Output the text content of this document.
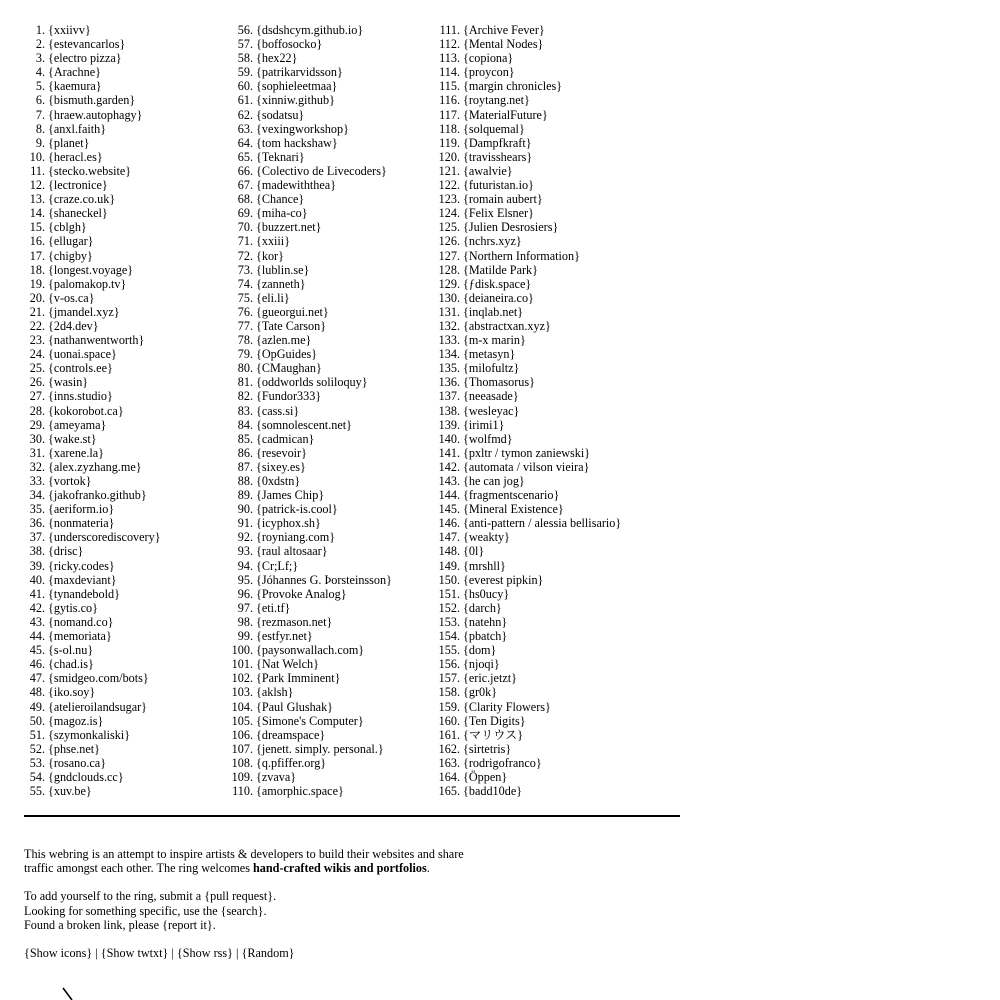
1. {xxiivv}
2. {estevancarlos}
3. {electro pizza}
4. {Arachne}
5. {kaemura}
6. {bismuth.garden}
7. {hraew.autophagy}
8. {anxl.faith}
9. {planet}
10. {heracl.es}
11. {stecko.website}
12. {lectronice}
13. {craze.co.uk}
14. {shaneckel}
15. {cblgh}
16. {ellugar}
17. {chigby}
18. {longest.voyage}
19. {palomakop.tv}
20. {v-os.ca}
21. {jmandel.xyz}
22. {2d4.dev}
23. {nathanwentworth}
24. {uonai.space}
25. {controls.ee}
26. {wasin}
27. {inns.studio}
28. {kokorobot.ca}
29. {ameyama}
30. {wake.st}
31. {xarene.la}
32. {alex.zyzhang.me}
33. {vortok}
34. {jakofranko.github}
35. {aeriform.io}
36. {nonmateria}
37. {underscorediscovery}
38. {drisc}
39. {ricky.codes}
40. {maxdeviant}
41. {tynandebold}
42. {gytis.co}
43. {nomand.co}
44. {memoriata}
45. {s-ol.nu}
46. {chad.is}
47. {smidgeo.com/bots}
48. {iko.soy}
49. {atelieroilandsugar}
50. {magoz.is}
51. {szymonkaliski}
52. {phse.net}
53. {rosano.ca}
54. {gndclouds.cc}
55. {xuv.be}
56. {dsdshcym.github.io}
57. {boffosocko}
58. {hex22}
59. {patrikarvidsson}
60. {sophieleetmaa}
61. {xinniw.github}
62. {sodatsu}
63. {vexingworkshop}
64. {tom hackshaw}
65. {Teknari}
66. {Colectivo de Livecoders}
67. {madewiththea}
68. {Chance}
69. {miha-co}
70. {buzzert.net}
71. {xxiii}
72. {kor}
73. {lublin.se}
74. {zanneth}
75. {eli.li}
76. {gueorgui.net}
77. {Tate Carson}
78. {azlen.me}
79. {OpGuides}
80. {CMaughan}
81. {oddworlds soliloquy}
82. {Fundor333}
83. {cass.si}
84. {somnolescent.net}
85. {cadmican}
86. {resevoir}
87. {sixey.es}
88. {0xdstn}
89. {James Chip}
90. {patrick-is.cool}
91. {icyphox.sh}
92. {royniang.com}
93. {raul altosaar}
94. {Cr;Lf;}
95. {Jóhannes G. Þorsteinsson}
96. {Provoke Analog}
97. {eti.tf}
98. {rezmason.net}
99. {estfyr.net}
100. {paysonwallach.com}
101. {Nat Welch}
102. {Park Imminent}
103. {aklsh}
104. {Paul Glushak}
105. {Simone's Computer}
106. {dreamspace}
107. {jenett. simply. personal.}
108. {q.pfiffer.org}
109. {zvava}
110. {amorphic.space}
111. {Archive Fever}
112. {Mental Nodes}
113. {copiona}
114. {proycon}
115. {margin chronicles}
116. {roytang.net}
117. {MaterialFuture}
118. {solquemal}
119. {Dampfkraft}
120. {travisshears}
121. {awalvie}
122. {futuristan.io}
123. {romain aubert}
124. {Felix Elsner}
125. {Julien Desrosiers}
126. {nchrs.xyz}
127. {Northern Information}
128. {Matilde Park}
129. {ƒdisk.space}
130. {deianeira.co}
131. {inqlab.net}
132. {abstractxan.xyz}
133. {m-x marin}
134. {metasyn}
135. {milofultz}
136. {Thomasorus}
137. {neeasade}
138. {wesleyac}
139. {irimi1}
140. {wolfmd}
141. {pxltr / tymon zaniewski}
142. {automata / vilson vieira}
143. {he can jog}
144. {fragmentscenario}
145. {Mineral Existence}
146. {anti-pattern / alessia bellisario}
147. {weakty}
148. {0l}
149. {mrshll}
150. {everest pipkin}
151. {hs0ucy}
152. {darch}
153. {natehn}
154. {pbatch}
155. {dom}
156. {njoqi}
157. {eric.jetzt}
158. {gr0k}
159. {Clarity Flowers}
160. {Ten Digits}
161. {マリウス}
162. {sirtetris}
163. {rodrigofranco}
164. {Öppen}
165. {badd10de}

This webring is an attempt to inspire artists & developers to build their websites and share traffic amongst each other. The ring welcomes hand-crafted wikis and portfolios.

To add yourself to the ring, submit a {pull request}.

Looking for something specific, use the {search}.

Found a broken link, please {report it}.

{Show icons} | {Show twtxt} | {Show rss} | {Random}
